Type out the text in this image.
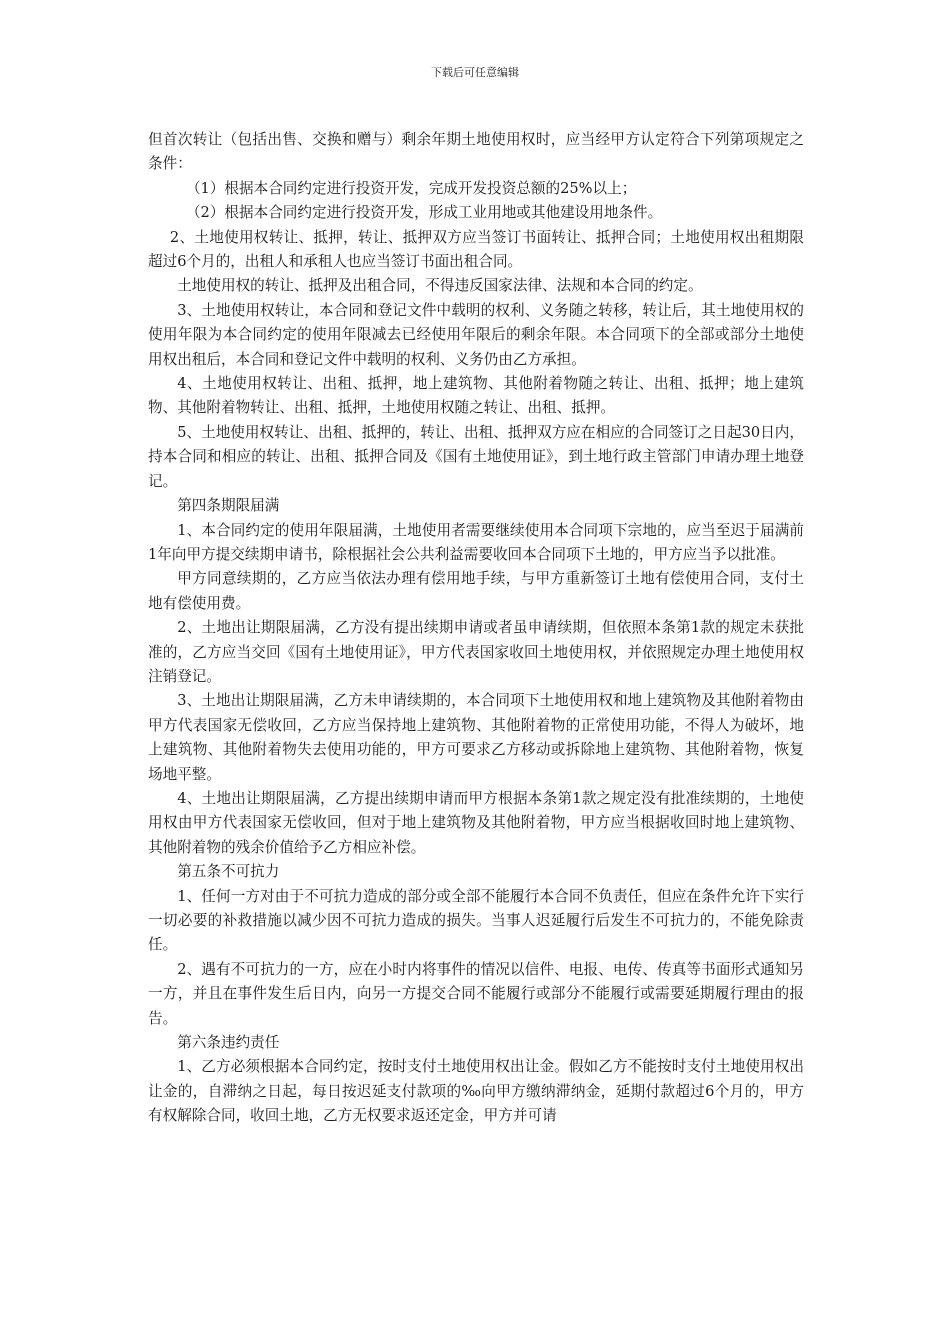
下载后可任意编辑

但首次转让（包括出售、交换和赠与）剩余年期土地使用权时，应当经甲方认定符合下列第项规定之条件：

（1）根据本合同约定进行投资开发，完成开发投资总额的25%以上；

（2）根据本合同约定进行投资开发，形成工业用地或其他建设用地条件。

2、土地使用权转让、抵押，转让、抵押双方应当签订书面转让、抵押合同；土地使用权出租期限超过6个月的，出租人和承租人也应当签订书面出租合同。

土地使用权的转让、抵押及出租合同，不得违反国家法律、法规和本合同的约定。

3、土地使用权转让，本合同和登记文件中载明的权利、义务随之转移，转让后，其土地使用权的使用年限为本合同约定的使用年限减去已经使用年限后的剩余年限。本合同项下的全部或部分土地使用权出租后，本合同和登记文件中载明的权利、义务仍由乙方承担。

4、土地使用权转让、出租、抵押，地上建筑物、其他附着物随之转让、出租、抵押；地上建筑物、其他附着物转让、出租、抵押，土地使用权随之转让、出租、抵押。

5、土地使用权转让、出租、抵押的，转让、出租、抵押双方应在相应的合同签订之日起30日内，持本合同和相应的转让、出租、抵押合同及《国有土地使用证》，到土地行政主管部门申请办理土地登记。

第四条期限届满

1、本合同约定的使用年限届满，土地使用者需要继续使用本合同项下宗地的，应当至迟于届满前1年向甲方提交续期申请书，除根据社会公共利益需要收回本合同项下土地的，甲方应当予以批准。

甲方同意续期的，乙方应当依法办理有偿用地手续，与甲方重新签订土地有偿使用合同，支付土地有偿使用费。

2、土地出让期限届满，乙方没有提出续期申请或者虽申请续期，但依照本条第1款的规定未获批准的，乙方应当交回《国有土地使用证》，甲方代表国家收回土地使用权，并依照规定办理土地使用权注销登记。

3、土地出让期限届满，乙方未申请续期的，本合同项下土地使用权和地上建筑物及其他附着物由甲方代表国家无偿收回，乙方应当保持地上建筑物、其他附着物的正常使用功能，不得人为破坏，地上建筑物、其他附着物失去使用功能的，甲方可要求乙方移动或拆除地上建筑物、其他附着物，恢复场地平整。

4、土地出让期限届满，乙方提出续期申请而甲方根据本条第1款之规定没有批准续期的，土地使用权由甲方代表国家无偿收回，但对于地上建筑物及其他附着物，甲方应当根据收回时地上建筑物、其他附着物的残余价值给予乙方相应补偿。

第五条不可抗力

1、任何一方对由于不可抗力造成的部分或全部不能履行本合同不负责任，但应在条件允许下实行一切必要的补救措施以减少因不可抗力造成的损失。当事人迟延履行后发生不可抗力的，不能免除责任。

2、遇有不可抗力的一方，应在小时内将事件的情况以信件、电报、电传、传真等书面形式通知另一方，并且在事件发生后日内，向另一方提交合同不能履行或部分不能履行或需要延期履行理由的报告。

第六条违约责任

1、乙方必须根据本合同约定，按时支付土地使用权出让金。假如乙方不能按时支付土地使用权出让金的，自滞纳之日起，每日按迟延支付款项的‰向甲方缴纳滞纳金，延期付款超过6个月的，甲方有权解除合同，收回土地，乙方无权要求返还定金，甲方并可请
